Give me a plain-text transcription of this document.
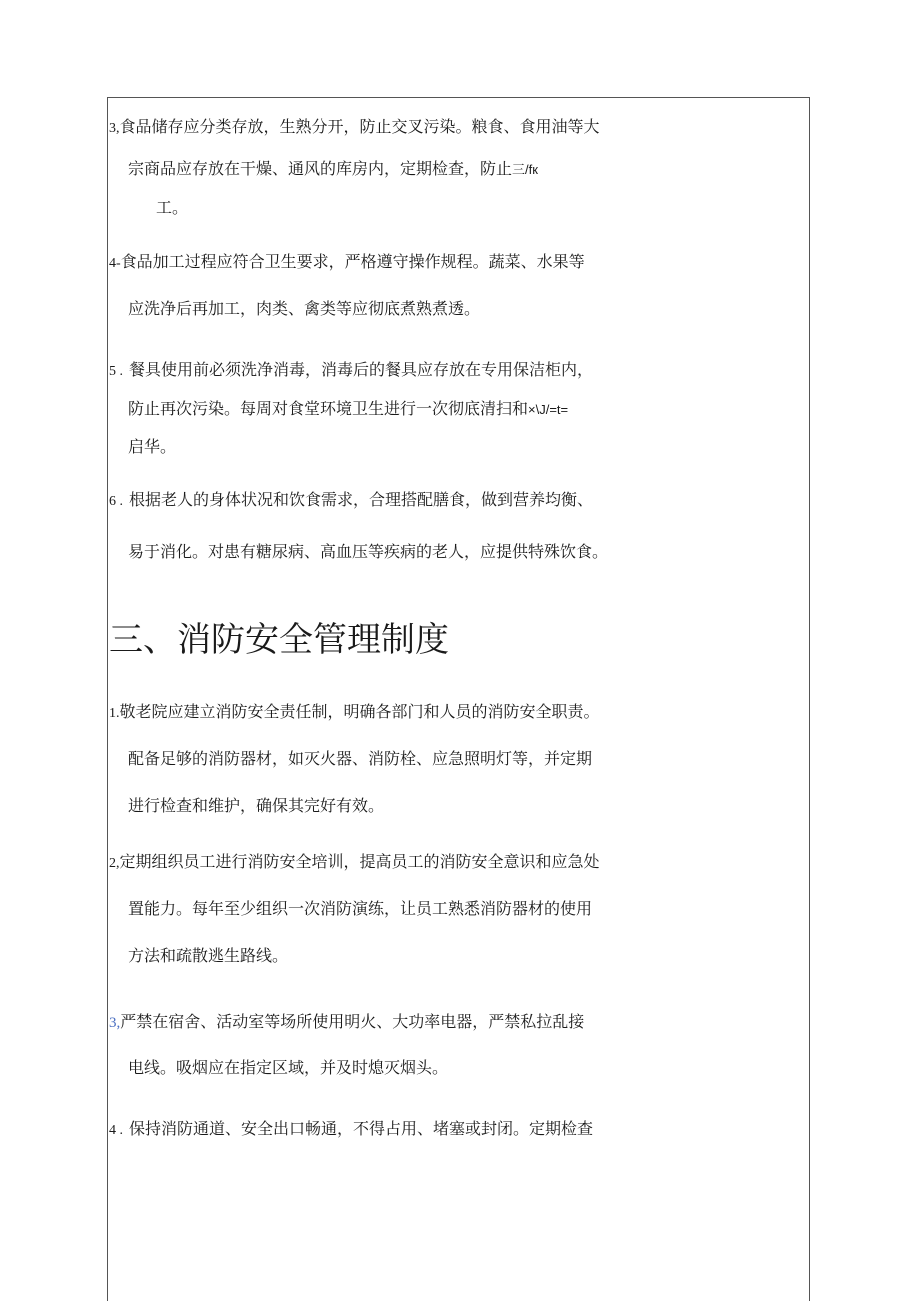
3,食品储存应分类存放，生熟分开，防止交叉污染。粮食、食用油等大
宗商品应存放在干燥、通风的库房内，定期检查，防止三/fк
工。
4-食品加工过程应符合卫生要求，严格遵守操作规程。蔬菜、水果等
应洗净后再加工，肉类、禽类等应彻底煮熟煮透。
5 . 餐具使用前必须洗净消毒，消毒后的餐具应存放在专用保洁柜内，
防止再次污染。每周对食堂环境卫生进行一次彻底清扫和×\J/=t=
启华。
6 . 根据老人的身体状况和饮食需求，合理搭配膳食，做到营养均衡、
易于消化。对患有糖尿病、高血压等疾病的老人，应提供特殊饮食。
三、消防安全管理制度
1.敬老院应建立消防安全责任制，明确各部门和人员的消防安全职责。
配备足够的消防器材，如灭火器、消防栓、应急照明灯等，并定期
进行检查和维护，确保其完好有效。
2,定期组织员工进行消防安全培训，提高员工的消防安全意识和应急处
置能力。每年至少组织一次消防演练，让员工熟悉消防器材的使用
方法和疏散逃生路线。
3,严禁在宿舍、活动室等场所使用明火、大功率电器，严禁私拉乱接
电线。吸烟应在指定区域，并及时熄灭烟头。
4 . 保持消防通道、安全出口畅通，不得占用、堵塞或封闭。定期检查
